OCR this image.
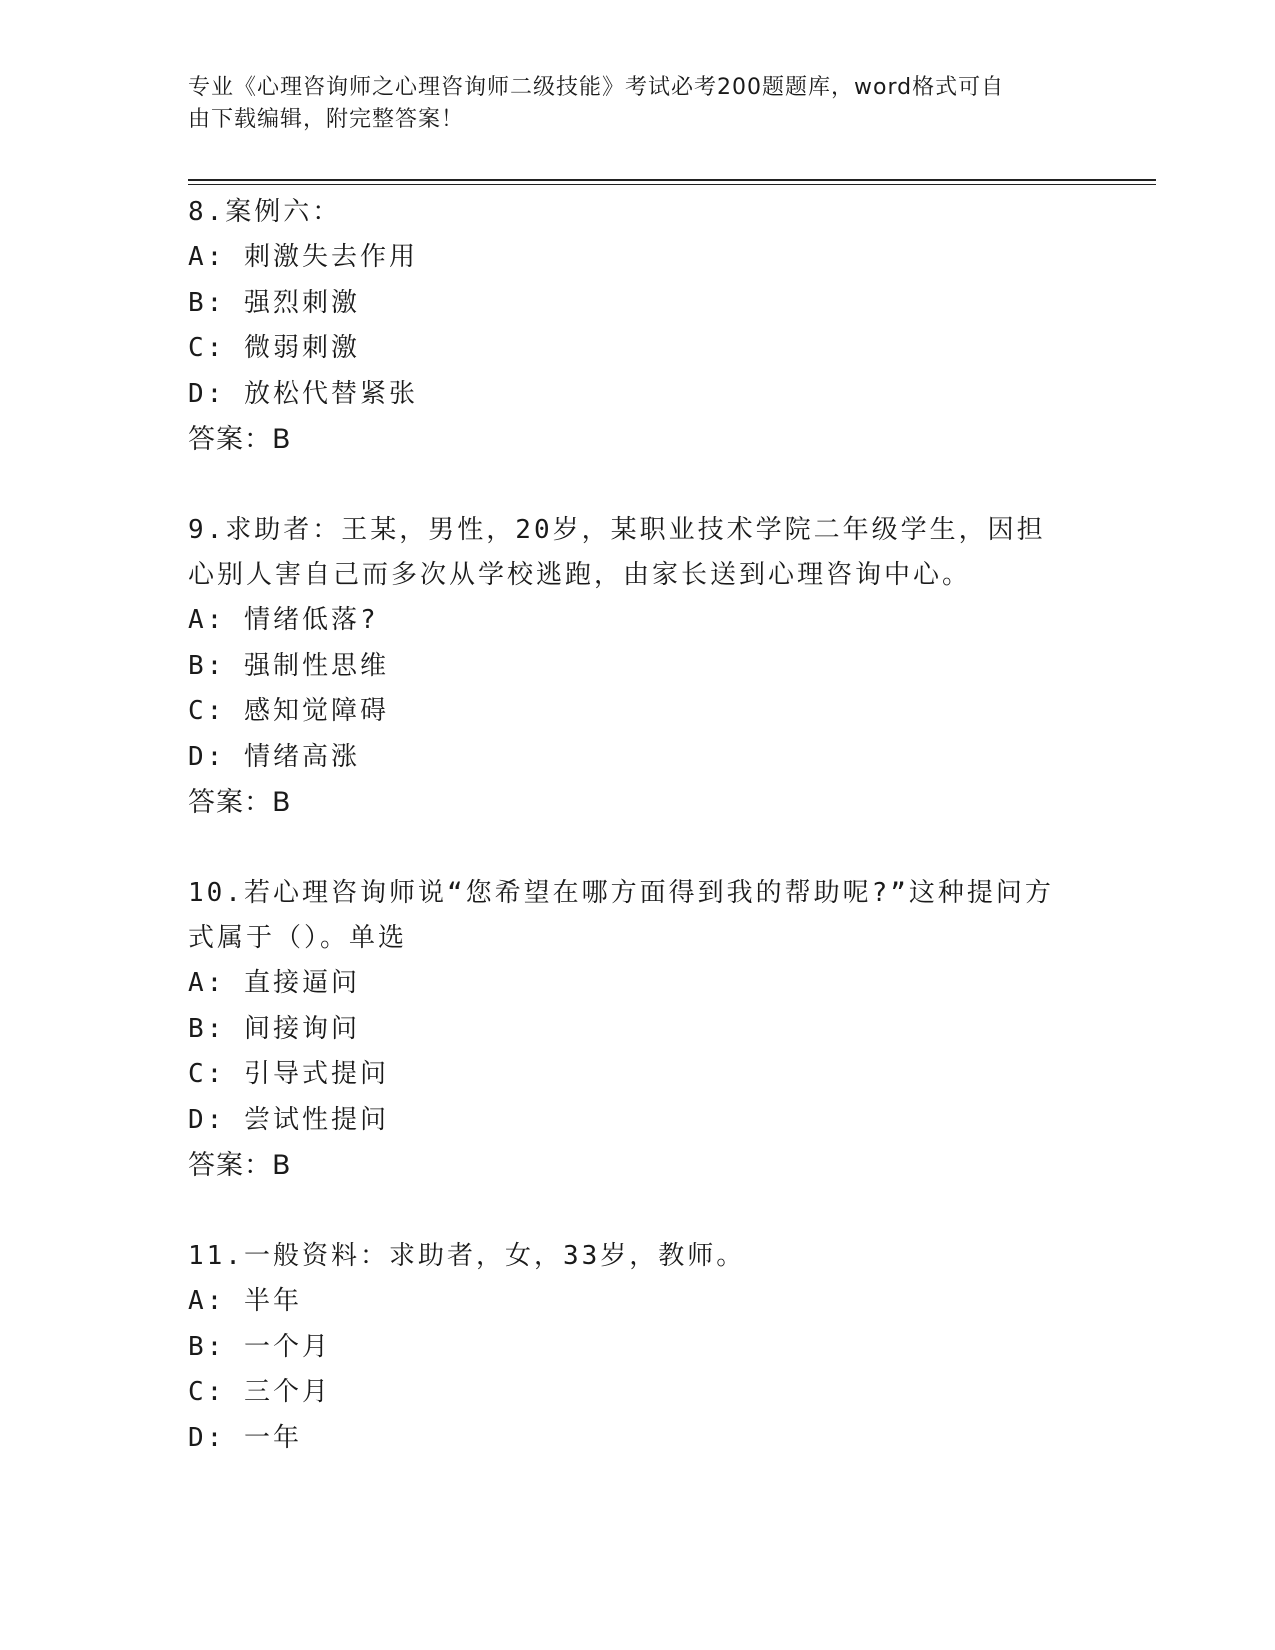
专业《心理咨询师之心理咨询师二级技能》考试必考200题题库，word格式可自
由下载编辑，附完整答案！

8.案例六：

A: 刺激失去作用

B: 强烈刺激

C: 微弱刺激

D: 放松代替紧张

答案：B

9.求助者：王某，男性，20岁，某职业技术学院二年级学生，因担心别人害自己而多次从学校逃跑，由家长送到心理咨询中心。

A: 情绪低落?

B: 强制性思维

C: 感知觉障碍

D: 情绪高涨

答案：B

10.若心理咨询师说“您希望在哪方面得到我的帮助呢?”这种提问方式属于（）。单选

A: 直接逼问

B: 间接询问

C: 引导式提问

D: 尝试性提问

答案：B

11.一般资料：求助者，女，33岁，教师。

A: 半年

B: 一个月

C: 三个月

D: 一年
